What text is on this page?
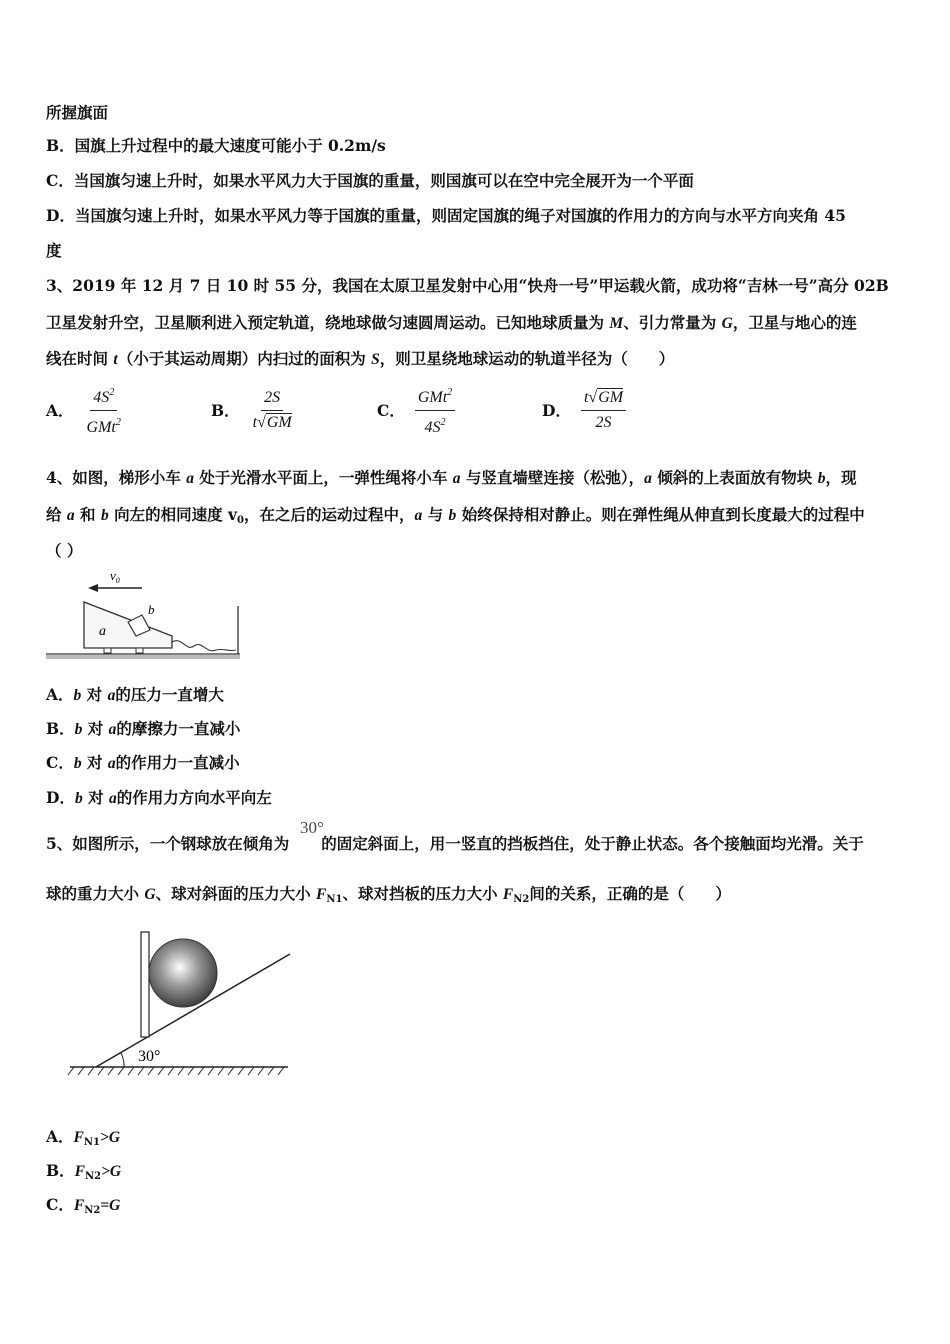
所握旗面
B．国旗上升过程中的最大速度可能小于 0.2m/s
C．当国旗匀速上升时，如果水平风力大于国旗的重量，则国旗可以在空中完全展开为一个平面
D．当国旗匀速上升时，如果水平风力等于国旗的重量，则固定国旗的绳子对国旗的作用力的方向与水平方向夹角 45
度
3、2019 年 12 月 7 日 10 时 55 分，我国在太原卫星发射中心用“快舟一号”甲运载火箭，成功将“吉林一号”高分 02B
卫星发射升空，卫星顺利进入预定轨道，绕地球做匀速圆周运动。已知地球质量为 M、引力常量为 G，卫星与地心的连
线在时间 t（小于其运动周期）内扫过的面积为 S，则卫星绕地球运动的轨道半径为（　　）
A． $\frac{4S^2}{GMt^2}$	B． $\frac{2S}{t√GM}$	C． $\frac{GMt^2}{4S^2}$	D． $\frac{t√GM}{2S}$
4、如图，梯形小车 a 处于光滑水平面上，一弹性绳将小车 a 与竖直墙壁连接（松弛），a 倾斜的上表面放有物块 b，现
给 a 和 b 向左的相同速度 $v_0$，在之后的运动过程中，a 与 b 始终保持相对静止。则在弹性绳从伸直到长度最大的过程中
（ ）
$v_0$
a
b
A．b 对 a的压力一直增大
B．b 对 a的摩擦力一直减小
C．b 对 a的作用力一直减小
D．b 对 a的作用力方向水平向左
5、如图所示，一个钢球放在倾角为 的固定斜面上，用一竖直的挡板挡住，处于静止状态。各个接触面均光滑。关于
30°
球的重力大小 G、球对斜面的压力大小 $F_{N1}$、球对挡板的压力大小 $F_{N2}$间的关系，正确的是（　　）
30°
A．$F_{N1}>G$
B．$F_{N2}>G$
C．$F_{N2}=G$
